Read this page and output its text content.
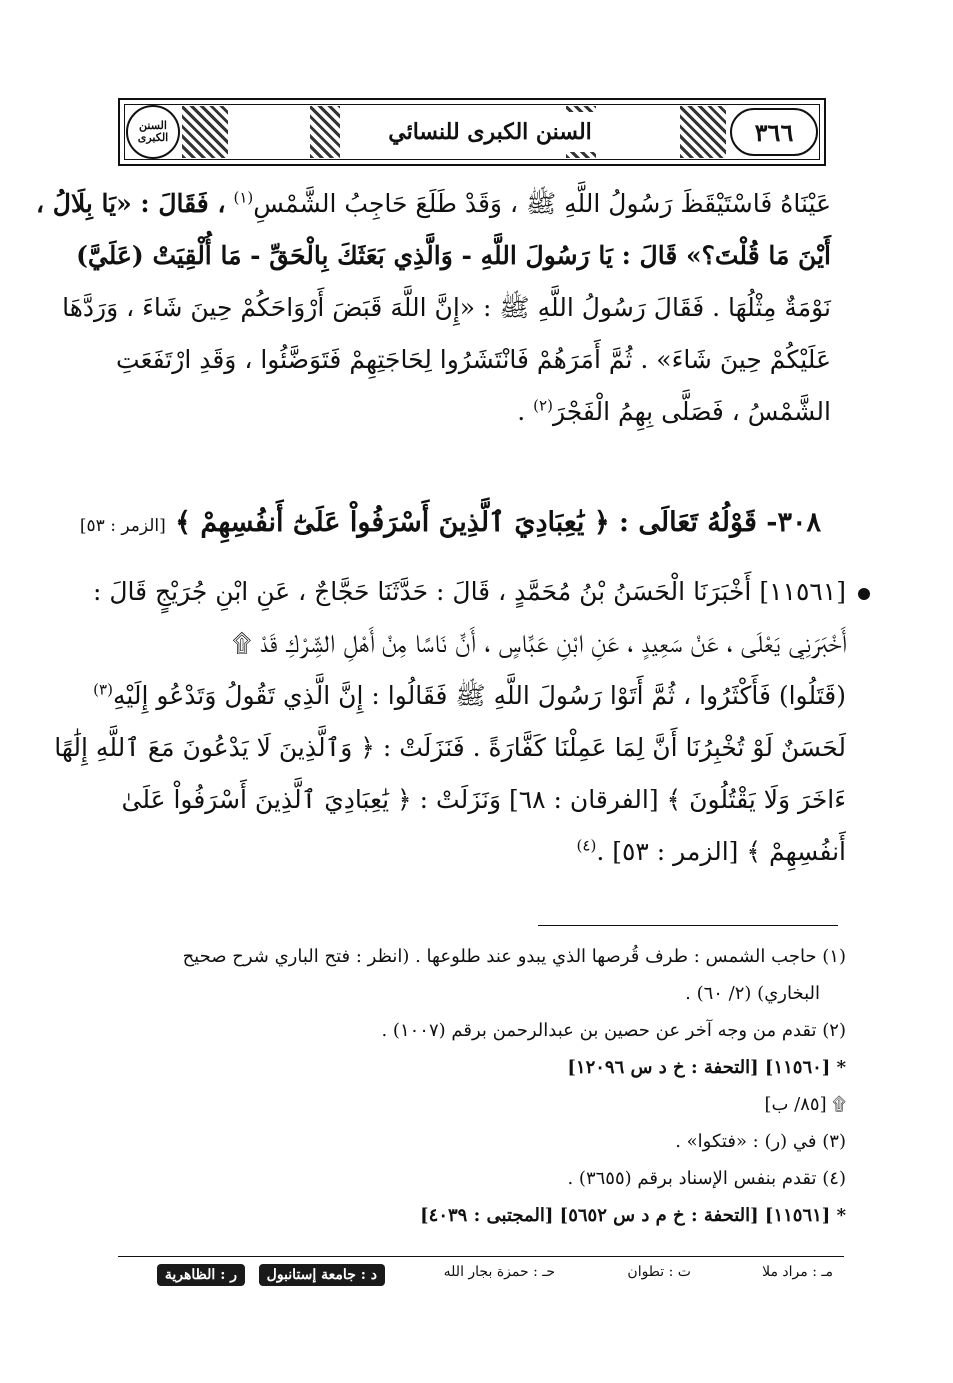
السنن الكبرى	السنن الكبرى للنسائي	٣٦٦
عَيْنَاهُ فَاسْتَيْقَظَ رَسُولُ اللَّهِ ﷺ ، وَقَدْ طَلَعَ حَاجِبُ الشَّمْسِ$^{(١)}$ ، فَقَالَ : «يَا بِلَالُ ،
أَيْنَ مَا قُلْتَ؟» قَالَ : يَا رَسُولَ اللَّهِ - وَالَّذِي بَعَثَكَ بِالْحَقِّ - مَا أُلْقِيَتْ (عَلَيَّ)
نَوْمَةٌ مِثْلُهَا . فَقَالَ رَسُولُ اللَّهِ ﷺ : «إِنَّ اللَّهَ قَبَضَ أَرْوَاحَكُمْ حِينَ شَاءَ ، وَرَدَّهَا
عَلَيْكُمْ حِينَ شَاءَ» . ثُمَّ أَمَرَهُمْ فَانْتَشَرُوا لِحَاجَتِهِمْ فَتَوَضَّئُوا ، وَقَدِ ارْتَفَعَتِ
الشَّمْسُ ، فَصَلَّى بِهِمُ الْفَجْرَ$^{(٢)}$ .
٣٠٨- قَوْلُهُ تَعَالَى : ﴿ يَٰعِبَادِيَ ٱلَّذِينَ أَسْرَفُواْ عَلَىٰٓ أَنفُسِهِمْ ﴾ [الزمر : ٥٣]
[١١٥٦١] أَخْبَرَنَا الْحَسَنُ بْنُ مُحَمَّدٍ ، قَالَ : حَدَّثَنَا حَجَّاجٌ ، عَنِ ابْنِ جُرَيْجٍ قَالَ :
أَخْبَرَنِي يَعْلَى ، عَنْ سَعِيدٍ ، عَنِ ابْنِ عَبَّاسٍ ، أَنَّ نَاسًا مِنْ أَهْلِ الشِّرْكِ قَدْ ۩
(قَتَلُوا) فَأَكْثَرُوا ، ثُمَّ أَتَوْا رَسُولَ اللَّهِ ﷺ فَقَالُوا : إِنَّ الَّذِي تَقُولُ وَتَدْعُو إِلَيْهِ$^{(٣)}$
لَحَسَنٌ لَوْ تُخْبِرُنَا أَنَّ لِمَا عَمِلْنَا كَفَّارَةً . فَنَزَلَتْ : ﴿ وَٱلَّذِينَ لَا يَدْعُونَ مَعَ ٱللَّهِ إِلَٰهًا
ءَاخَرَ وَلَا يَقْتُلُونَ ﴾ [الفرقان : ٦٨] وَنَزَلَتْ : ﴿ يَٰعِبَادِيَ ٱلَّذِينَ أَسْرَفُواْ عَلَىٰ
أَنفُسِهِمْ ﴾ [الزمر : ٥٣] .$^{(٤)}$
(١) حاجب الشمس : طرف قُرصها الذي يبدو عند طلوعها . (انظر : فتح الباري شرح صحيح
البخاري) (٢/ ٦٠) .
(٢) تقدم من وجه آخر عن حصين بن عبدالرحمن برقم (١٠٠٧) .
* [١١٥٦٠] [التحفة : خ د س ١٢٠٩٦]
۩ [٨٥/ ب]
(٣) في (ر) : «فتكوا» .
(٤) تقدم بنفس الإسناد برقم (٣٦٥٥) .
* [١١٥٦١] [التحفة : خ م د س ٥٦٥٢] [المجتبى : ٤٠٣٩]
مـ : مراد ملا
ت : تطوان
حـ : حمزة بجار الله
د : جامعة إستانبول
ر : الظاهرية
